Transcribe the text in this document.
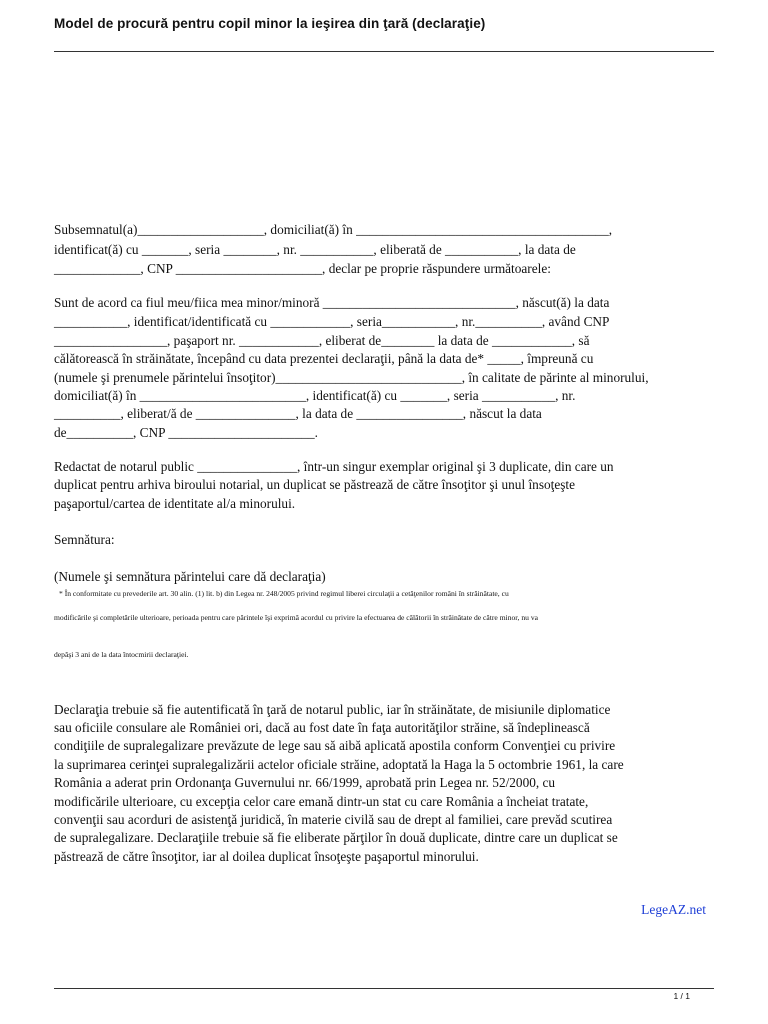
Model de procură pentru copil minor la ieşirea din ţară (declaraţie)

Subsemnatul(a)___________________, domiciliat(ă) în ______________________________________,

identificat(ă) cu _______, seria ________, nr. ___________, eliberată de ___________, la data de

_____________, CNP ______________________, declar pe proprie răspundere următoarele:

Sunt de acord ca fiul meu/fiica mea minor/minoră _____________________________, născut(ă) la data

___________, identificat/identificată cu ____________, seria___________, nr.__________, având CNP

_________________, paşaport nr. ____________, eliberat de________ la data de ____________, să

călătorească în străinătate, începând cu data prezentei declaraţii, până la data de* _____, împreună cu

(numele şi prenumele părintelui însoţitor)____________________________, în calitate de părinte al minorului,

domiciliat(ă) în _________________________, identificat(ă) cu _______, seria ___________, nr.

__________, eliberat/ă de _______________, la data de ________________, născut la data

de__________, CNP ______________________.

Redactat de notarul public _______________, într-un singur exemplar original şi 3 duplicate, din care un

duplicat pentru arhiva biroului notarial, un duplicat se păstrează de către însoţitor şi unul însoţeşte

paşaportul/cartea de identitate al/a minorului.

Semnătura:

(Numele şi semnătura părintelui care dă declaraţia)

* În conformitate cu prevederile art. 30 alin. (1) lit. b) din Legea nr. 248/2005 privind regimul liberei circulaţii a cetăţenilor români în străinătate, cu

modificările şi completările ulterioare, perioada pentru care părintele îşi exprimă acordul cu privire la efectuarea de călătorii în străinătate de către minor, nu va

depăşi 3 ani de la data întocmirii declaraţiei.

Declaraţia trebuie să fie autentificată în ţară de notarul public, iar în străinătate, de misiunile diplomatice

sau oficiile consulare ale României ori, dacă au fost date în faţa autorităţilor străine, să îndeplinească

condiţiile de supralegalizare prevăzute de lege sau să aibă aplicată apostila conform Convenţiei cu privire

la suprimarea cerinţei supralegalizării actelor oficiale străine, adoptată la Haga la 5 octombrie 1961, la care

România a aderat prin Ordonanţa Guvernului nr. 66/1999, aprobată prin Legea nr. 52/2000, cu

modificările ulterioare, cu excepţia celor care emană dintr-un stat cu care România a încheiat tratate,

convenţii sau acorduri de asistenţă juridică, în materie civilă sau de drept al familiei, care prevăd scutirea

de supralegalizare. Declaraţiile trebuie să fie eliberate părţilor în două duplicate, dintre care un duplicat se

păstrează de către însoţitor, iar al doilea duplicat însoţeşte paşaportul minorului.

LegeAZ.net
1 / 1
